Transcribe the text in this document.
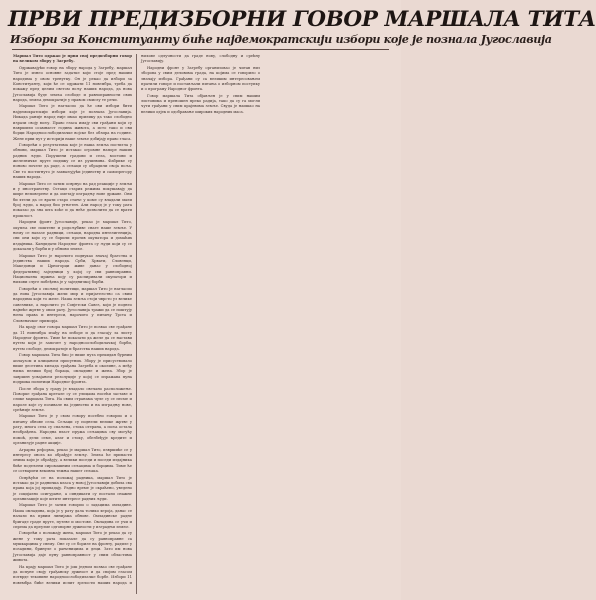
ПРВИ ПРЕДИЗБОРНИ ГОВОР МАРШАЛА ТИТА
Избори за Конституанту биће најдемократскији избори које је познала Југославија

Маршал Тито одржао је први свој предизборни говор на великом збору у Загребу.

Одржавајући говор на збору народа у Загребу, маршал Тито је изнео основне задатке који стоје пред нашим народима у овом тренутку. Он је рекао да избори за Конституанту, који ће се одржати 11 новембра, треба да покажу пред целим светом вољу наших народа, да нова Југославија буде земља слободе и равноправности свих народа, земља демократије у правом смислу те речи.

Маршал Тито је нагласио да ће ови избори бити најдемократскији избори које је познала Југославија. Никада раније народ није имао прилику да тако слободно изрази своју вољу. Право гласа имају сви грађани који су навршили осамнаест година живота, а исто тако и сви борци Народноослободилачке војске без обзира на године. Жене први пут у историји наше земље добијају право гласа.

Говорећи о резултатима које је наша земља постигла у обнови, маршал Тито је истакао огромне напоре наших радних људи. Порушени градови и села, мостови и железничке пруге подижу се из рушевина. Фабрике су поново почеле да раде, а сељаци су обрадили своја поља. Све то постигнуто је захваљујући јединству и самопрегору наших народа.

Маршал Тито се затим осврнуо на рад реакције у земљи и у иностранству. Остаци старих режима покушавају да шире неповерење и да ометају изградњу нове државе. Они би хтели да се врати старо стање у коме су владали мали број људи, а народ био угњетен. Али народ је у току рата показао да зна шта хоће и да неће дозволити да се врати прошлост.

Народни фронт Југославије, рекао је маршал Тито, окупља све поштене и родољубиве снаге наше земље. У њему се налазе радници, сељаци, народна интелигенција, сви они који су се борили против окупатора и домаћих издајника. Кандидати Народног фронта су људи који су се доказали у борби и у обнови земље.

Маршал Тито је нарочито подвукао значај братства и јединства наших народа. Срби, Хрвати, Словенци, Македонци и Црногорци живе данас у слободној федеративној заједници у којој су сви равноправни. Национална мржња коју су распиривали окупатори и њихови слуге побеђена је у заједничкој борби.

Говорећи о спољној политици, маршал Тито је нагласио да нова Југославија жели мир и пријатељство са свим народима који то желе. Наша земља стоји чврсто уз велике савезнике, а нарочито уз Совјетски Савез, који је поднео највеће жртве у овом рату. Југославија тражи да се поштују њена права и интереси, нарочито у питању Трста и Словеначког приморја.

На крају свог говора маршал Тито је позвао све грађане да 11 новембра изађу на изборе и да гласају за листу Народног фронта. Тиме ће показати да желе да се настави путем који је започет у народноослободилачкој борби, путем слободе, демократије и братства наших народа.

Говор маршала Тита био је више пута прекидан бурним аплаузом и клицањем присутних. Збору је присуствовало више десетина хиљада грађана Загреба и околине, а међу њима велики број бораца, омладине и жена. Збор је завршен усвајањем резолуције у којој се изражава пуна подршка политици Народног фронта.

После збора у граду је владало свечано расположење. Поворке грађана кретале су се улицама носећи заставе и слике маршала Тита. На свим странама чуле су се песме и пароле које су позивале на јединство и на изградњу нове, срећније земље.

Маршал Тито је у свом говору посебно говорио и о питању обнове села. Сељаци су поднели велике жртве у рату, многа села су спаљена, стока отерана, а поља остала необрађена. Народна власт пружа сељацима сву могућу помоћ, дели семе, алат и стоку, обезбеђује кредите и организује радне акције.

Аграрна реформа, рекао је маршал Тито, извршиће се у интересу онога ко обрађује земљу. Земља ће припасти онима који је обрађују, а велики поседи и поседи издајника биће подељени сиромашним сељацима и борцима. Тиме ће се остварити вековна тежња нашег сељака.

Осврћући се на положај радника, маршал Тито је истакао да је радничка класа у новој Југославији добила сва права која јој припадају. Радно време је скраћено, уведено је социјално осигурање, а синдикати су постали снажне организације које штите интересе радних људи.

Маршал Тито је затим говорио о задацима омладине. Наша омладина, која је у рату дала толико хероја, данас се налази на првим линијама обнове. Омладинске радне бригаде граде пруге, путеве и мостове. Омладина се учи и спрема да преузме одговорне дужности у изградњи земље.

Говорећи о положају жена, маршал Тито је рекао да су жене у току рата показале да су равноправне са мушкарцима у свему. Оне су се бориле на фронту, радиле у позадини, бринуле о рањеницима и деци. Зато им нова Југославија даје пуну равноправност у свим областима живота.

На крају маршал Тито је још једном позвао све грађане да испуне своју грађанску дужност и да својим гласом потврде тековине народноослободилачке борбе. Избори 11 новембра биће велики испит зрелости наших народа и њихове одлучности да граде нову, слободну и срећну Југославију.

Народни фронт у Загребу организовао је читав низ зборова у свим деловима града, на којима се говорило о значају избора. Грађани су са великим интересовањем пратили говоре и постављали питања о изборном поступку и о програму Народног фронта.

Говор маршала Тита објављен је у свим нашим листовима и преношен преко радија, тако да су га могли чути грађани у свим крајевима земље. Свуда је наишао на велики одјек и одобравање широких народних маса.
